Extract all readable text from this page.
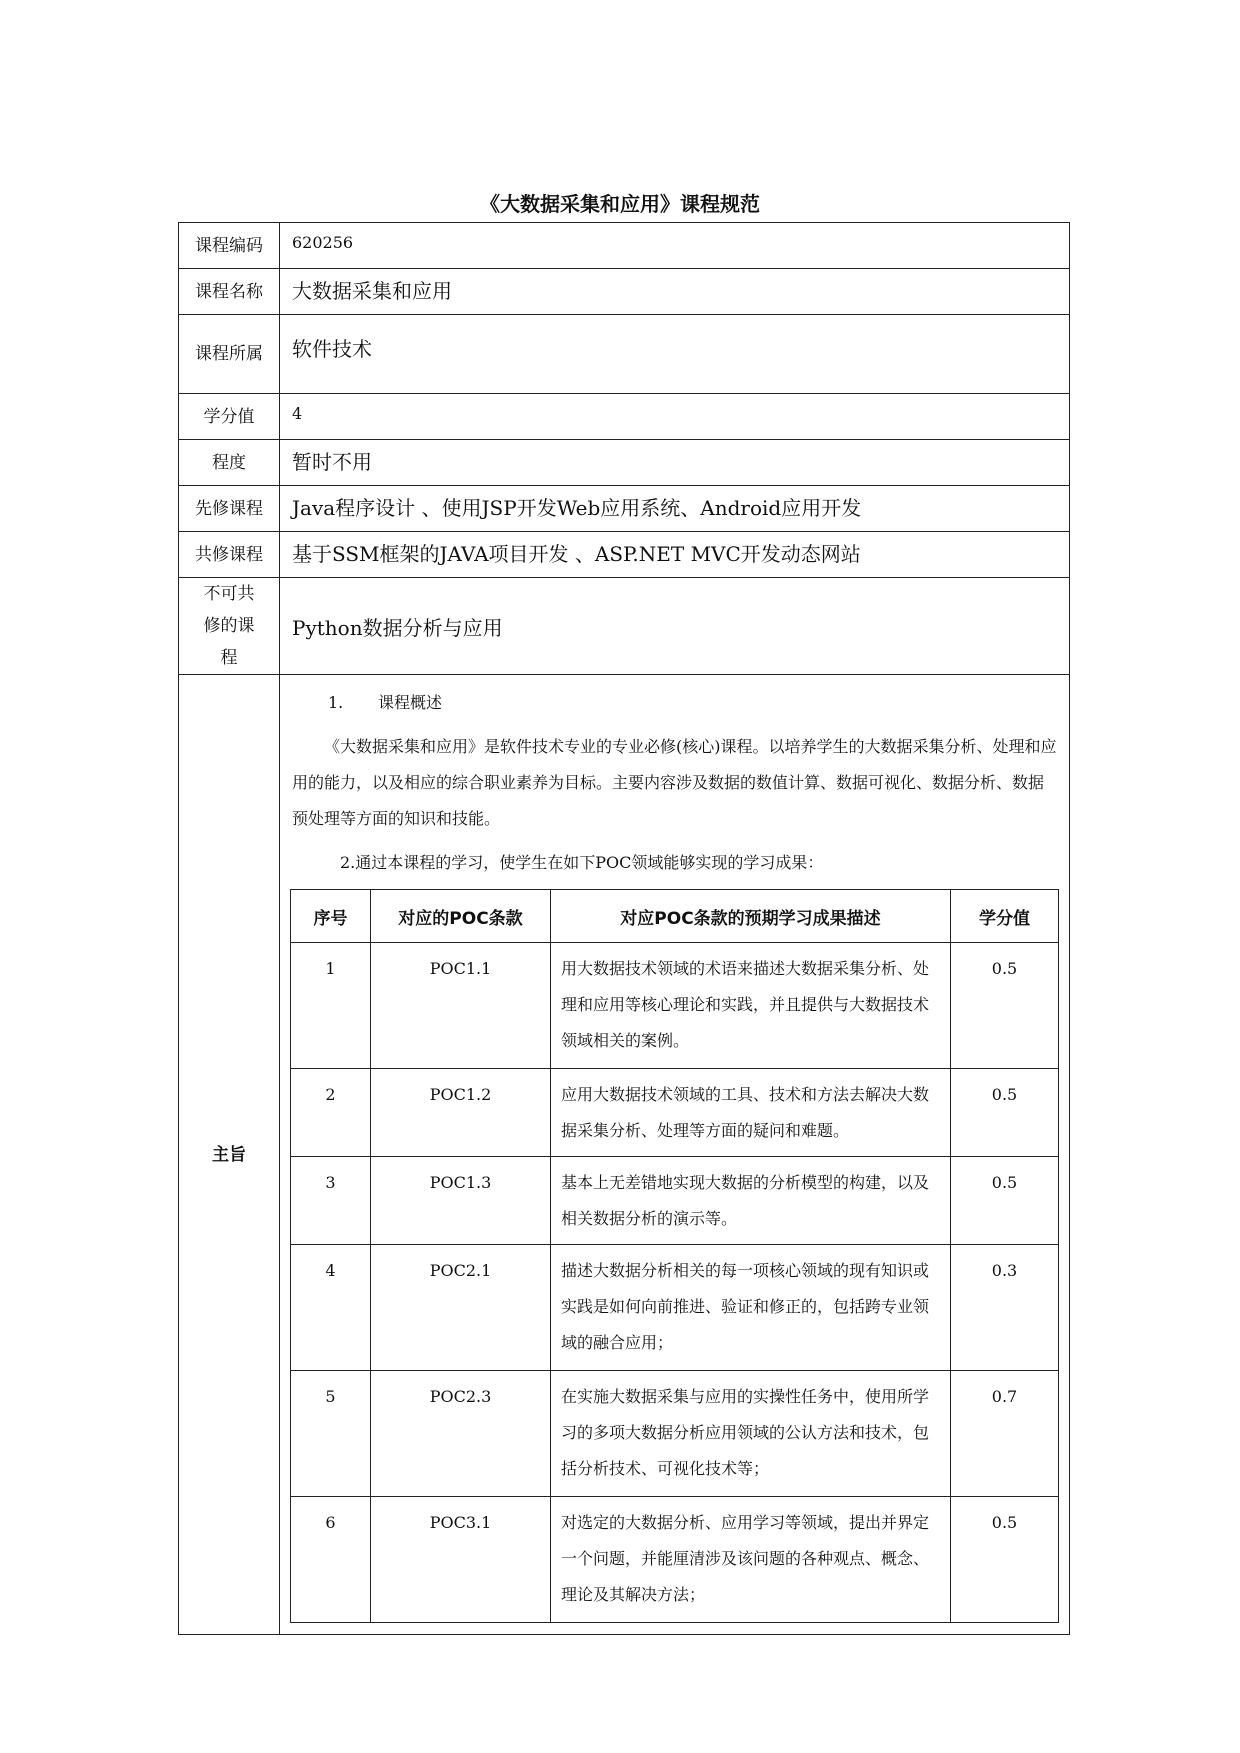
《大数据采集和应用》课程规范
课程编码	620256
课程名称	大数据采集和应用
课程所属	软件技术
学分值	4
程度	暂时不用
先修课程	Java程序设计 、使用JSP开发Web应用系统、Android应用开发
共修课程	基于SSM框架的JAVA项目开发 、ASP.NET MVC开发动态网站
不可共修的课程	Python数据分析与应用
主旨	

1. 课程概述

《大数据采集和应用》是软件技术专业的专业必修(核心)课程。以培养学生的大数据采集分析、处理和应用的能力，以及相应的综合职业素养为目标。主要内容涉及数据的数值计算、数据可视化、数据分析、数据预处理等方面的知识和技能。

2.通过本课程的学习，使学生在如下POC领域能够实现的学习成果：

序号	对应的POC条款	对应POC条款的预期学习成果描述	学分值
1	POC1.1	用大数据技术领域的术语来描述大数据采集分析、处理和应用等核心理论和实践，并且提供与大数据技术领域相关的案例。	0.5
2	POC1.2	应用大数据技术领域的工具、技术和方法去解决大数据采集分析、处理等方面的疑问和难题。	0.5
3	POC1.3	基本上无差错地实现大数据的分析模型的构建，以及相关数据分析的演示等。	0.5
4	POC2.1	描述大数据分析相关的每一项核心领域的现有知识或实践是如何向前推进、验证和修正的，包括跨专业领域的融合应用；	0.3
5	POC2.3	在实施大数据采集与应用的实操性任务中，使用所学习的多项大数据分析应用领域的公认方法和技术，包括分析技术、可视化技术等；	0.7
6	POC3.1	对选定的大数据分析、应用学习等领域，提出并界定一个问题，并能厘清涉及该问题的各种观点、概念、理论及其解决方法；	0.5
